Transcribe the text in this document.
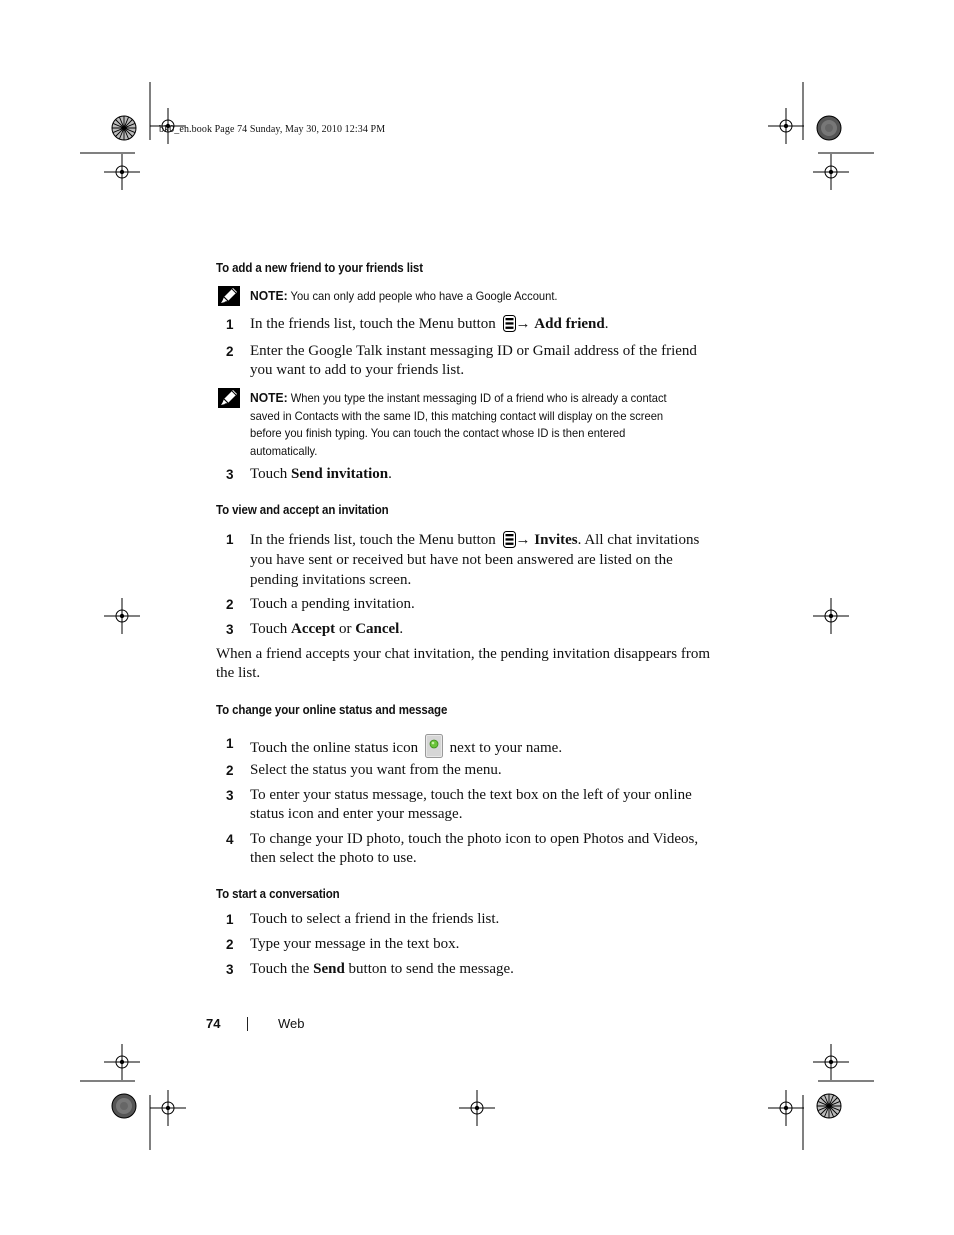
bk0_en.book Page 74 Sunday, May 30, 2010 12:34 PM
To add a new friend to your friends list
NOTE: You can only add people who have a Google Account.
1 In the friends list, touch the Menu button → Add friend.
2 Enter the Google Talk instant messaging ID or Gmail address of the friend you want to add to your friends list.
NOTE: When you type the instant messaging ID of a friend who is already a contact saved in Contacts with the same ID, this matching contact will display on the screen before you finish typing. You can touch the contact whose ID is then entered automatically.
3 Touch Send invitation.
To view and accept an invitation
1 In the friends list, touch the Menu button → Invites. All chat invitations you have sent or received but have not been answered are listed on the pending invitations screen.
2 Touch a pending invitation.
3 Touch Accept or Cancel.
When a friend accepts your chat invitation, the pending invitation disappears from the list.
To change your online status and message
1 Touch the online status icon  next to your name.
2 Select the status you want from the menu.
3 To enter your status message, touch the text box on the left of your online status icon and enter your message.
4 To change your ID photo, touch the photo icon to open Photos and Videos, then select the photo to use.
To start a conversation
1 Touch to select a friend in the friends list.
2 Type your message in the text box.
3 Touch the Send button to send the message.
74	Web
